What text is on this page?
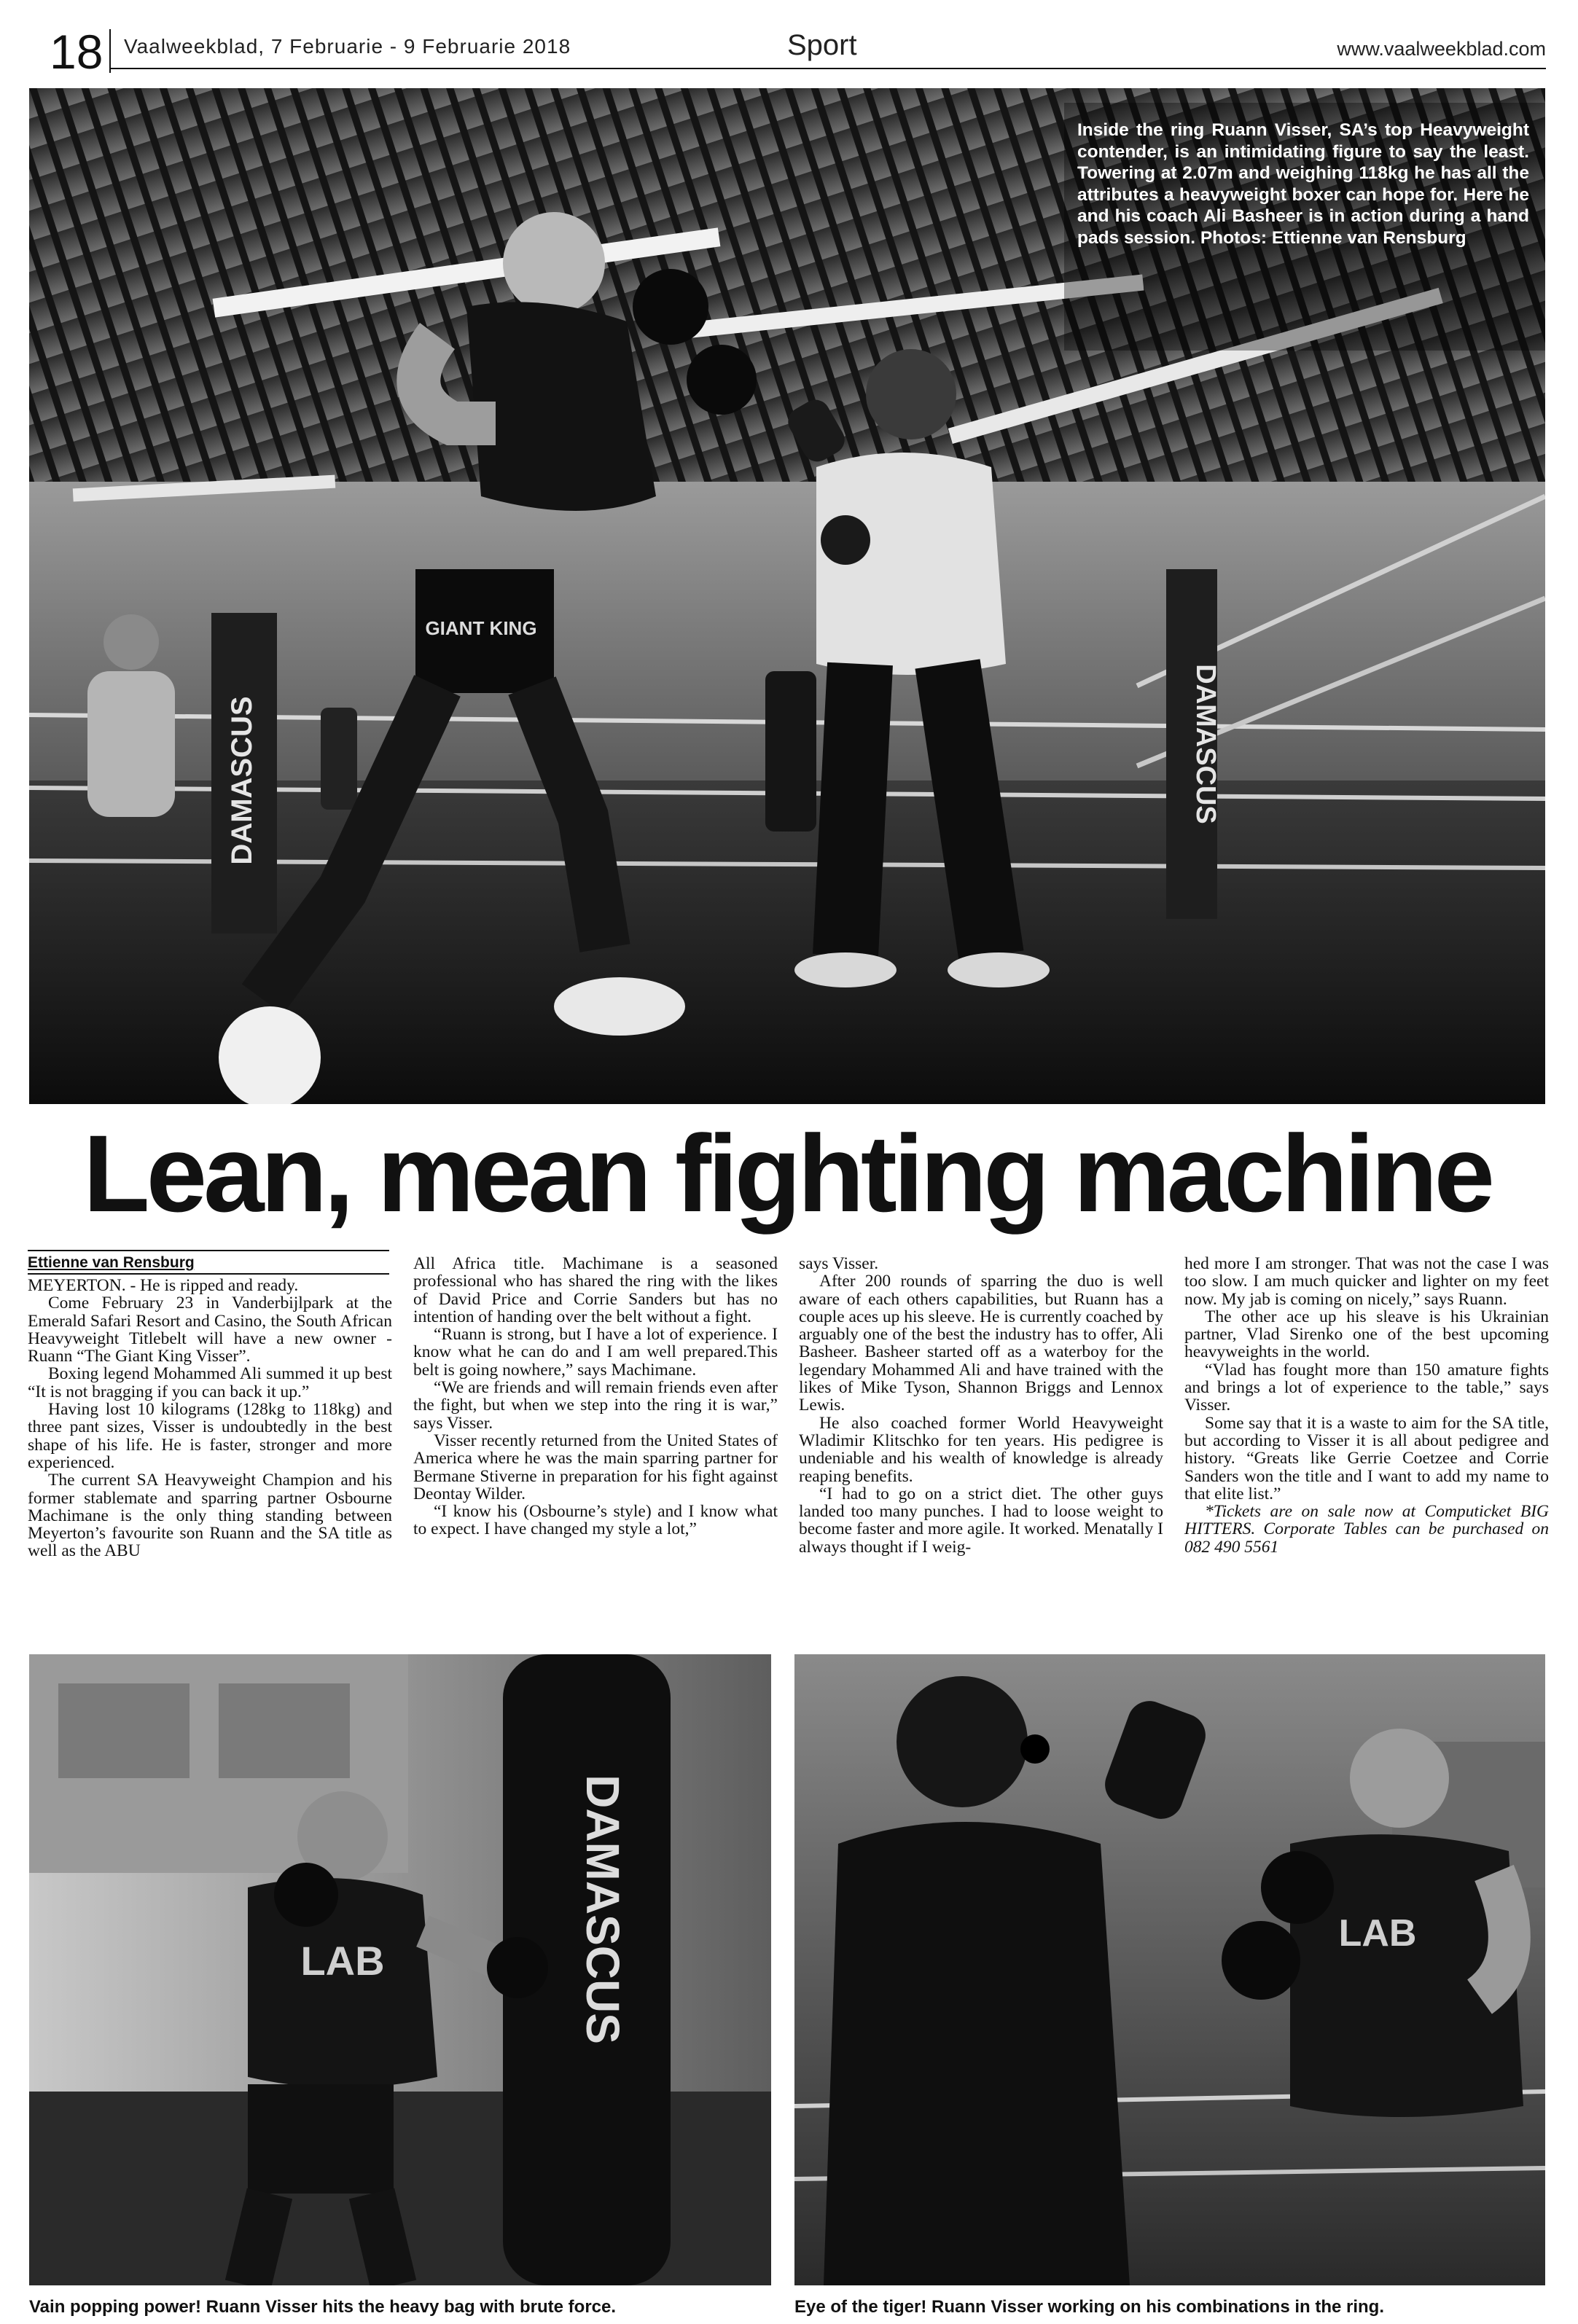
18 Vaalweekblad, 7 Februarie - 9 Februarie 2018	Sport	www.vaalweekblad.com
DAMASCUS	DAMASCUS
GIANT KING
Inside the ring Ruann Visser, SA’s top Heavyweight contender, is an intimidating figure to say the least. Towering at 2.07m and weighing 118kg he has all the attributes a heavyweight boxer can hope for. Here he and his coach Ali Basheer is in action during a hand pads session. Photos: Ettienne van Rensburg
Lean, mean fighting machine
Ettienne van Rensburg

MEYERTON. - He is ripped and ready.

Come February 23 in Vanderbijlpark at the Emerald Safari Resort and Casino, the South African Heavyweight Titlebelt will have a new owner - Ruann “The Giant King Visser”.

Boxing legend Mohammed Ali summed it up best “It is not bragging if you can back it up.”

Having lost 10 kilograms (128kg to 118kg) and three pant sizes, Visser is undoubtedly in the best shape of his life. He is faster, stronger and more experienced.

The current SA Heavyweight Champion and his former stablemate and sparring partner Osbourne Machimane is the only thing standing between Meyerton’s favourite son Ruann and the SA title as well as the ABU

All Africa title. Machimane is a seasoned professional who has shared the ring with the likes of David Price and Corrie Sanders but has no intention of handing over the belt without a fight.

“Ruann is strong, but I have a lot of experience. I know what he can do and I am well prepared.This belt is going nowhere,” says Machimane.

“We are friends and will remain friends even after the fight, but when we step into the ring it is war,” says Visser.

Visser recently returned from the United States of America where he was the main sparring partner for Bermane Stiverne in preparation for his fight against Deontay Wilder.

“I know his (Osbourne’s style) and I know what to expect. I have changed my style a lot,”

says Visser.

After 200 rounds of sparring the duo is well aware of each others capabilities, but Ruann has a couple aces up his sleeve. He is currently coached by arguably one of the best the industry has to offer, Ali Basheer. Basheer started off as a waterboy for the legendary Mohammed Ali and have trained with the likes of Mike Tyson, Shannon Briggs and Lennox Lewis.

He also coached former World Heavyweight Wladimir Klitschko for ten years. His pedigree is undeniable and his wealth of knowledge is already reaping benefits.

“I had to go on a strict diet. The other guys landed too many punches. I had to loose weight to become faster and more agile. It worked. Menatally I always thought if I weig-

hed more I am stronger. That was not the case I was too slow. I am much quicker and lighter on my feet now. My jab is coming on nicely,” says Ruann.

The other ace up his sleave is his Ukrainian partner, Vlad Sirenko one of the best upcoming heavyweights in the world.

“Vlad has fought more than 150 amature fights and brings a lot of experience to the table,” says Visser.

Some say that it is a waste to aim for the SA title, but according to Visser it is all about pedigree and history. “Greats like Gerrie Coetzee and Corrie Sanders won the title and I want to add my name to that elite list.”

*Tickets are on sale now at Computicket BIG HITTERS. Corporate Tables can be purchased on 082 490 5561

DAMASCUS
LAB
LAB
Vain popping power! Ruann Visser hits the heavy bag with brute force.	Eye of the tiger! Ruann Visser working on his combinations in the ring.
